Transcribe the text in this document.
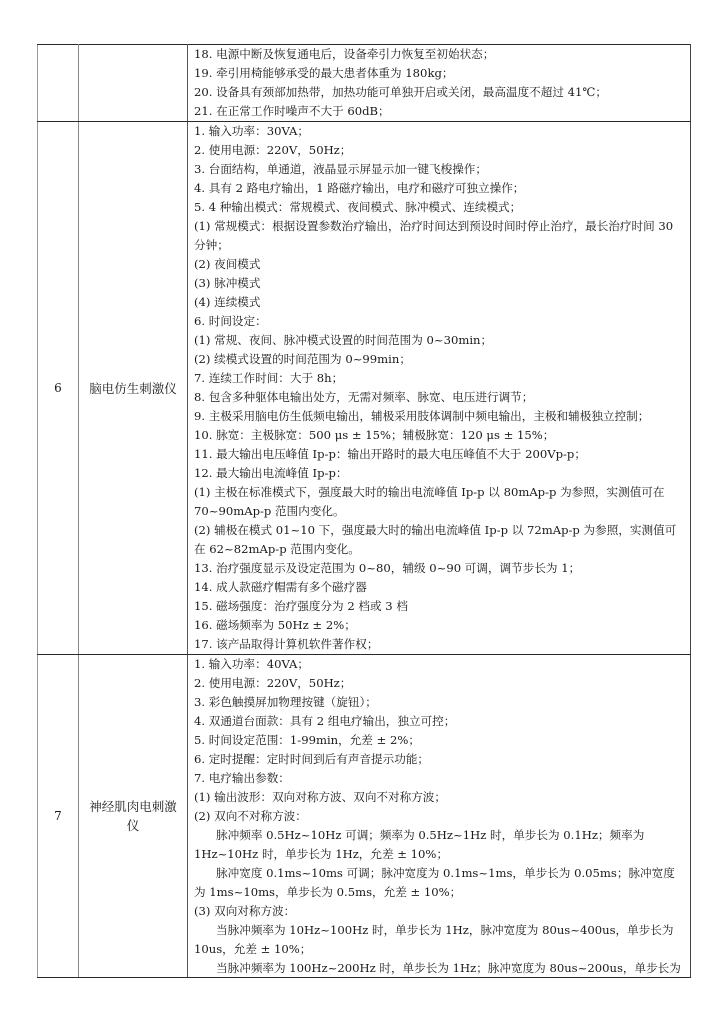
		18. 电源中断及恢复通电后，设备牵引力恢复至初始状态；
19. 牵引用椅能够承受的最大患者体重为 180kg；
20. 设备具有颈部加热带，加热功能可单独开启或关闭，最高温度不超过 41℃；
21. 在正常工作时噪声不大于 60dB；

6	脑电仿生刺激仪	
1. 输入功率：30VA；
2. 使用电源：220V，50Hz；
3. 台面结构，单通道，液晶显示屏显示加一键飞梭操作；
4. 具有 2 路电疗输出，1 路磁疗输出，电疗和磁疗可独立操作；
5. 4 种输出模式：常规模式、夜间模式、脉冲模式、连续模式；
(1) 常规模式：根据设置参数治疗输出，治疗时间达到预设时间时停止治疗，最长治疗时间 30 分钟；
(2) 夜间模式
(3) 脉冲模式
(4) 连续模式
6. 时间设定：
(1) 常规、夜间、脉冲模式设置的时间范围为 0~30min；
(2) 续模式设置的时间范围为 0~99min；
7. 连续工作时间：大于 8h；
8. 包含多种躯体电输出处方，无需对频率、脉宽、电压进行调节；
9. 主极采用脑电仿生低频电输出，辅极采用肢体调制中频电输出，主极和辅极独立控制；
10. 脉宽：主极脉宽：500 μs ± 15%；辅极脉宽：120 μs ± 15%；
11. 最大输出电压峰值 Ip-p：输出开路时的最大电压峰值不大于 200Vp-p；
12. 最大输出电流峰值 Ip-p：
(1) 主极在标准模式下，强度最大时的输出电流峰值 Ip-p 以 80mAp-p 为参照，实测值可在 70~90mAp-p 范围内变化。
(2) 辅极在模式 01~10 下，强度最大时的输出电流峰值 Ip-p 以 72mAp-p 为参照，实测值可在 62~82mAp-p 范围内变化。
13. 治疗强度显示及设定范围为 0~80，辅级 0~90 可调，调节步长为 1；
14. 成人款磁疗帽需有多个磁疗器
15. 磁场强度：治疗强度分为 2 档或 3 档
16. 磁场频率为 50Hz ± 2%；
17. 该产品取得计算机软件著作权；

7	神经肌肉电刺激仪	
1. 输入功率：40VA；
2. 使用电源：220V，50Hz；
3. 彩色触摸屏加物理按键（旋钮）；
4. 双通道台面款：具有 2 组电疗输出，独立可控；
5. 时间设定范围：1-99min，允差 ± 2%；
6. 定时提醒：定时时间到后有声音提示功能；
7. 电疗输出参数：
(1) 输出波形：双向对称方波、双向不对称方波；
(2) 双向不对称方波：
脉冲频率 0.5Hz~10Hz 可调；频率为 0.5Hz~1Hz 时，单步长为 0.1Hz；频率为 1Hz~10Hz 时，单步长为 1Hz，允差 ± 10%；
脉冲宽度 0.1ms~10ms 可调；脉冲宽度为 0.1ms~1ms，单步长为 0.05ms；脉冲宽度为 1ms~10ms，单步长为 0.5ms，允差 ± 10%；
(3) 双向对称方波：
当脉冲频率为 10Hz~100Hz 时，单步长为 1Hz，脉冲宽度为 80us~400us，单步长为 10us，允差 ± 10%；
当脉冲频率为 100Hz~200Hz 时，单步长为 1Hz；脉冲宽度为 80us~200us，单步长为
